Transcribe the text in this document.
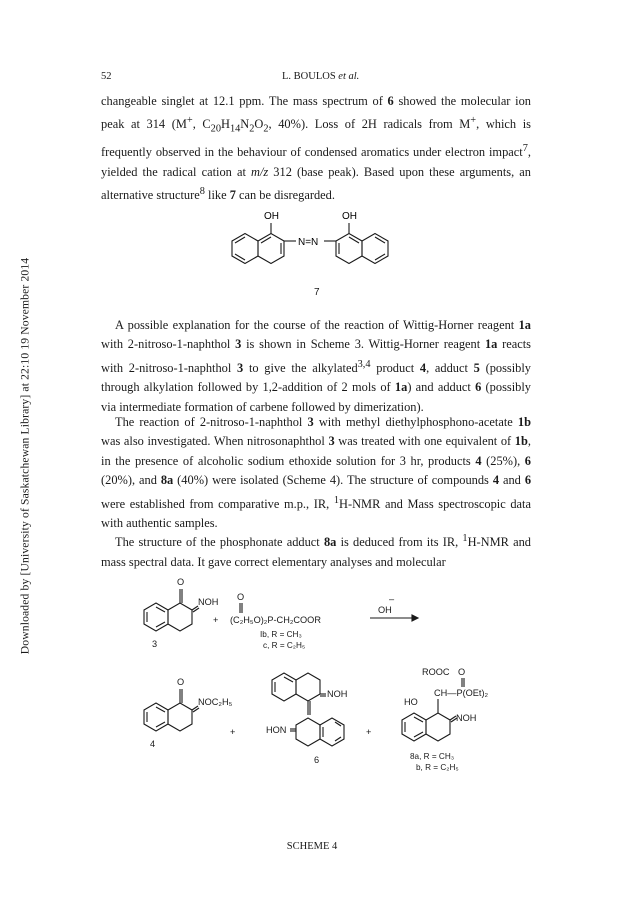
Downloaded by [University of Saskatchewan Library] at 22:10 19 November 2014
52	L. BOULOS et al.

changeable singlet at 12.1 ppm. The mass spectrum of 6 showed the molecular ion peak at 314 (M+, $C_{20}H_{14}N_2O_2$, 40%). Loss of 2H radicals from M+, which is frequently observed in the behaviour of condensed aromatics under electron impact$^7$, yielded the radical cation at m/z 312 (base peak). Based upon these arguments, an alternative structure$^8$ like 7 can be disregarded.

OH	OH
N=N
7

A possible explanation for the course of the reaction of Wittig-Horner reagent 1a with 2-nitroso-1-naphthol 3 is shown in Scheme 3. Wittig-Horner reagent 1a reacts with 2-nitroso-1-naphthol 3 to give the alkylated$^{3,4}$ product 4, adduct 5 (possibly through alkylation followed by 1,2-addition of 2 mols of 1a) and adduct 6 (possibly via intermediate formation of carbene followed by dimerization).

The reaction of 2-nitroso-1-naphthol 3 with methyl diethylphosphono-acetate 1b was also investigated. When nitrosonaphthol 3 was treated with one equivalent of 1b, in the presence of alcoholic sodium ethoxide solution for 3 hr, products 4 (25%), 6 (20%), and 8a (40%) were isolated (Scheme 4). The structure of compounds 4 and 6 were established from comparative m.p., IR, $^1$H-NMR and Mass spectroscopic data with authentic samples.

The structure of the phosphonate adduct 8a is deduced from its IR, $^1$H-NMR and mass spectral data. It gave correct elementary analyses and molecular

O
NOH
3
+
O
(C₂H₅O)₂P-CH₂COOR
Ib, R = CH₃
c, R = C₂H₅
OH
–
O
NOC₂H₅
4
+
NOH
HON
6
+
ROOC O
CH—P(OEt)₂
HO
NOH
8a, R = CH₃
b, R = C₂H₅
SCHEME 4
